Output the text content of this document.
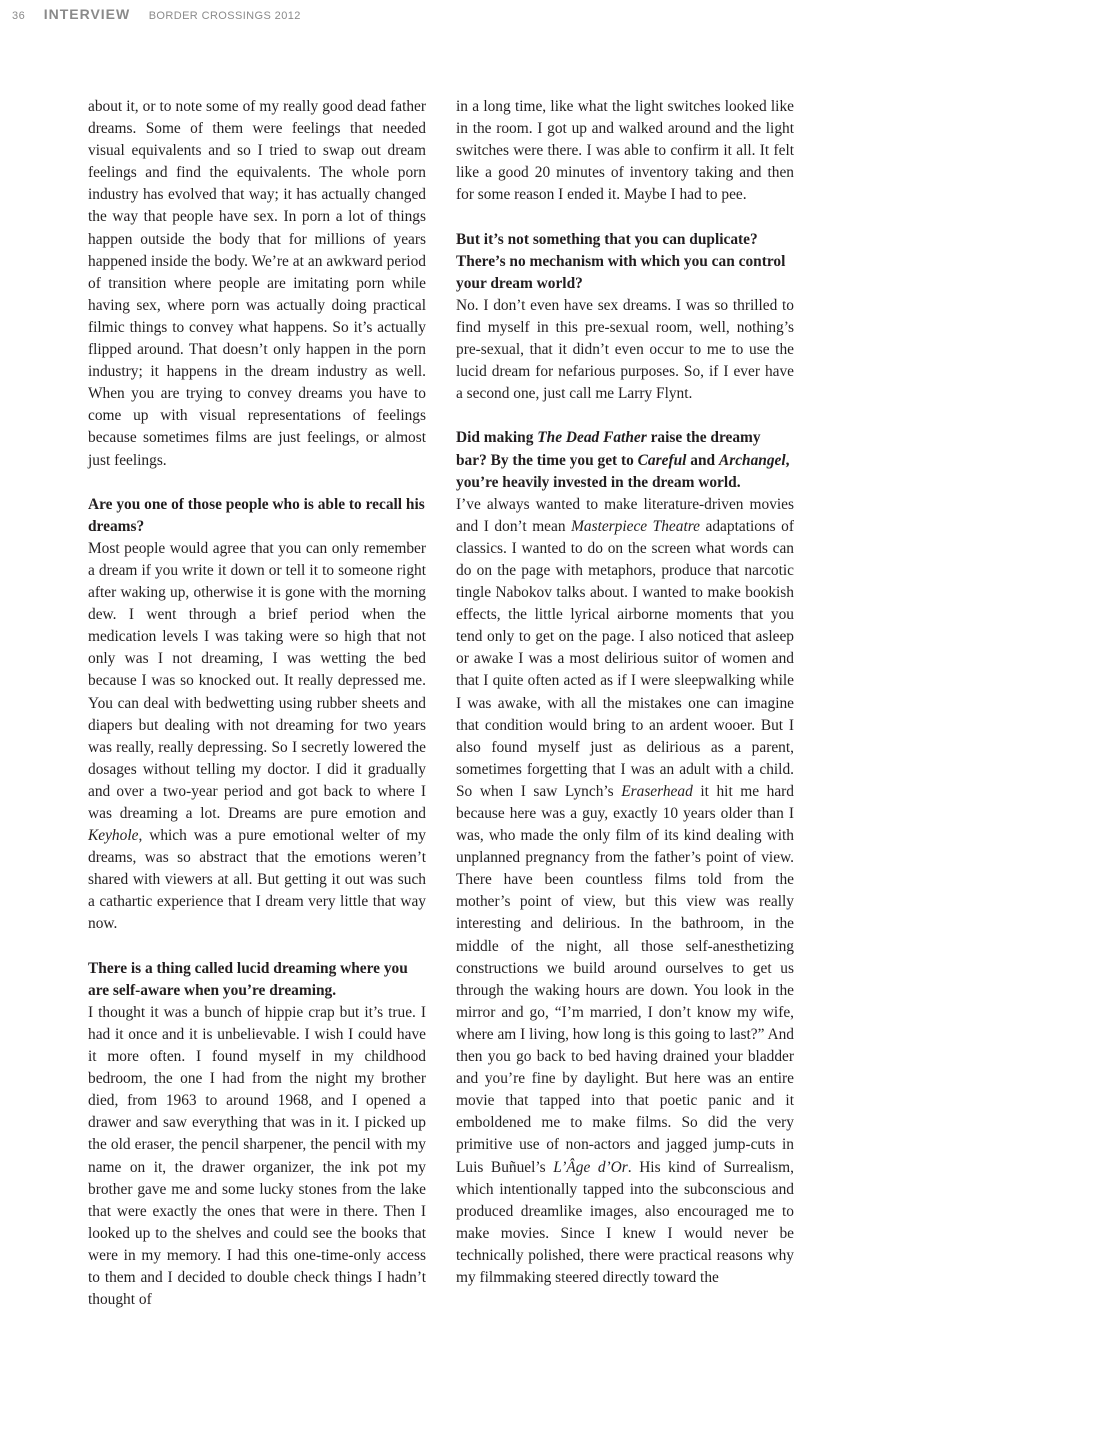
36 INTERVIEW BORDER CROSSINGS 2012

about it, or to note some of my really good dead father dreams. Some of them were feelings that needed visual equivalents and so I tried to swap out dream feelings and find the equivalents. The whole porn industry has evolved that way; it has actually changed the way that people have sex. In porn a lot of things happen outside the body that for millions of years happened inside the body. We’re at an awkward period of transition where people are imitating porn while having sex, where porn was actually doing practical filmic things to convey what happens. So it’s actually flipped around. That doesn’t only happen in the porn industry; it happens in the dream industry as well. When you are trying to convey dreams you have to come up with visual representations of feelings because sometimes films are just feelings, or almost just feelings.

Are you one of those people who is able to recall his dreams?

Most people would agree that you can only remember a dream if you write it down or tell it to someone right after waking up, otherwise it is gone with the morning dew. I went through a brief period when the medication levels I was taking were so high that not only was I not dreaming, I was wetting the bed because I was so knocked out. It really depressed me. You can deal with bedwetting using rubber sheets and diapers but dealing with not dreaming for two years was really, really depressing. So I secretly lowered the dosages without telling my doctor. I did it gradually and over a two-year period and got back to where I was dreaming a lot. Dreams are pure emotion and Keyhole, which was a pure emotional welter of my dreams, was so abstract that the emotions weren’t shared with viewers at all. But getting it out was such a cathartic experience that I dream very little that way now.

There is a thing called lucid dreaming where you are self-aware when you’re dreaming.

I thought it was a bunch of hippie crap but it’s true. I had it once and it is unbelievable. I wish I could have it more often. I found myself in my childhood bedroom, the one I had from the night my brother died, from 1963 to around 1968, and I opened a drawer and saw everything that was in it. I picked up the old eraser, the pencil sharpener, the pencil with my name on it, the drawer organizer, the ink pot my brother gave me and some lucky stones from the lake that were exactly the ones that were in there. Then I looked up to the shelves and could see the books that were in my memory. I had this one-time-only access to them and I decided to double check things I hadn’t thought of

in a long time, like what the light switches looked like in the room. I got up and walked around and the light switches were there. I was able to confirm it all. It felt like a good 20 minutes of inventory taking and then for some reason I ended it. Maybe I had to pee.

But it’s not something that you can duplicate? There’s no mechanism with which you can control your dream world?

No. I don’t even have sex dreams. I was so thrilled to find myself in this pre-sexual room, well, nothing’s pre-sexual, that it didn’t even occur to me to use the lucid dream for nefarious purposes. So, if I ever have a second one, just call me Larry Flynt.

Did making The Dead Father raise the dreamy bar? By the time you get to Careful and Archangel, you’re heavily invested in the dream world.

I’ve always wanted to make literature-driven movies and I don’t mean Masterpiece Theatre adaptations of classics. I wanted to do on the screen what words can do on the page with metaphors, produce that narcotic tingle Nabokov talks about. I wanted to make bookish effects, the little lyrical airborne moments that you tend only to get on the page. I also noticed that asleep or awake I was a most delirious suitor of women and that I quite often acted as if I were sleepwalking while I was awake, with all the mistakes one can imagine that condition would bring to an ardent wooer. But I also found myself just as delirious as a parent, sometimes forgetting that I was an adult with a child. So when I saw Lynch’s Eraserhead it hit me hard because here was a guy, exactly 10 years older than I was, who made the only film of its kind dealing with unplanned pregnancy from the father’s point of view. There have been countless films told from the mother’s point of view, but this view was really interesting and delirious. In the bathroom, in the middle of the night, all those self-anesthetizing constructions we build around ourselves to get us through the waking hours are down. You look in the mirror and go, “I’m married, I don’t know my wife, where am I living, how long is this going to last?” And then you go back to bed having drained your bladder and you’re fine by daylight. But here was an entire movie that tapped into that poetic panic and it emboldened me to make films. So did the very primitive use of non-actors and jagged jump-cuts in Luis Buñuel’s L’Âge d’Or. His kind of Surrealism, which intentionally tapped into the subconscious and produced dreamlike images, also encouraged me to make movies. Since I knew I would never be technically polished, there were practical reasons why my filmmaking steered directly toward the
